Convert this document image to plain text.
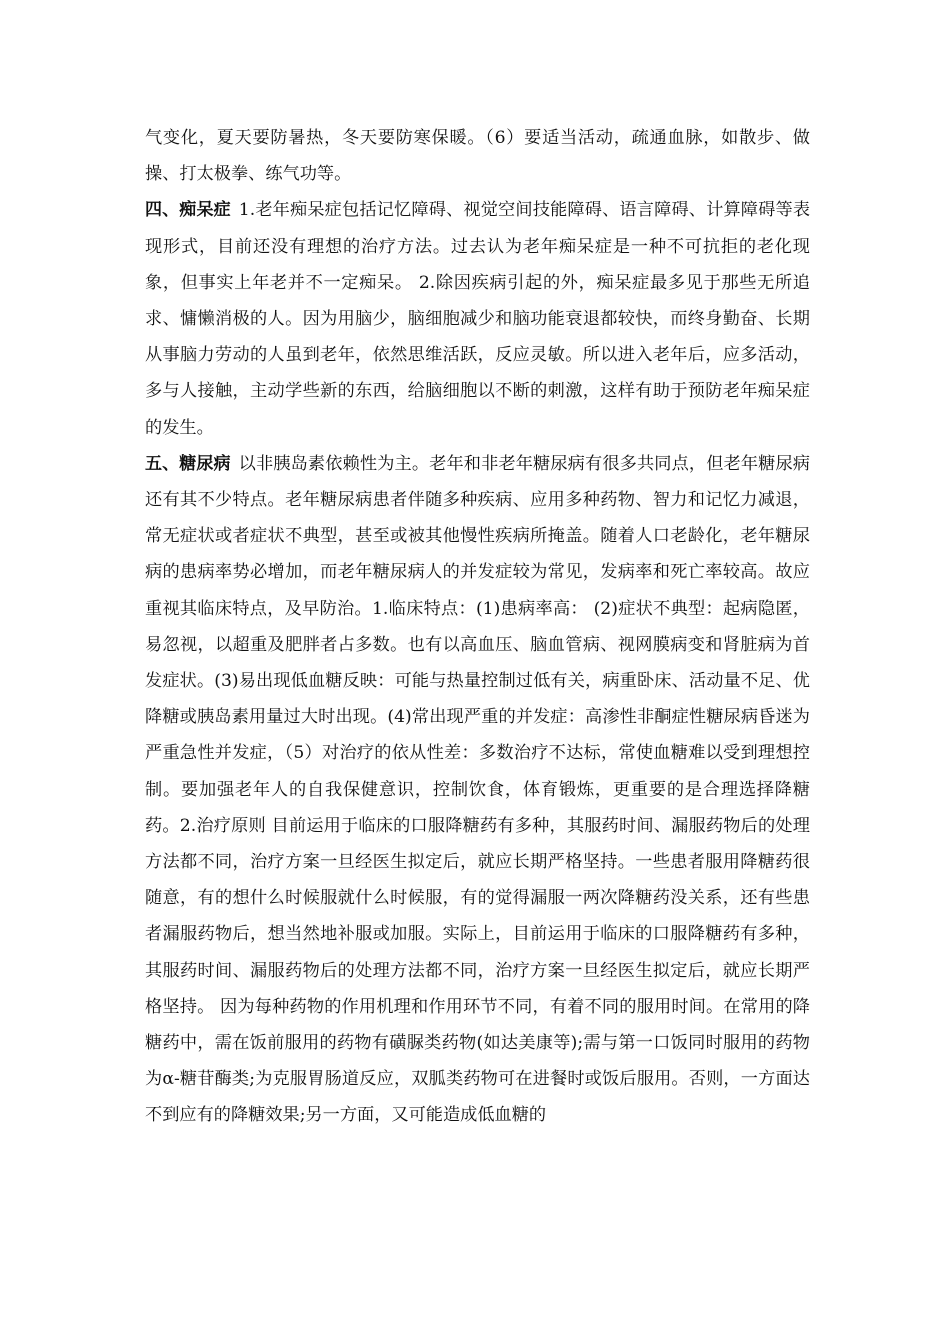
气变化，夏天要防暑热，冬天要防寒保暖。（6）要适当活动，疏通血脉，如散步、做操、打太极拳、练气功等。

四、痴呆症 1.老年痴呆症包括记忆障碍、视觉空间技能障碍、语言障碍、计算障碍等表现形式，目前还没有理想的治疗方法。过去认为老年痴呆症是一种不可抗拒的老化现象，但事实上年老并不一定痴呆。 2.除因疾病引起的外，痴呆症最多见于那些无所追求、慵懒消极的人。因为用脑少，脑细胞减少和脑功能衰退都较快，而终身勤奋、长期从事脑力劳动的人虽到老年，依然思维活跃，反应灵敏。所以进入老年后，应多活动，多与人接触，主动学些新的东西，给脑细胞以不断的刺激，这样有助于预防老年痴呆症的发生。

五、糖尿病 以非胰岛素依赖性为主。老年和非老年糖尿病有很多共同点，但老年糖尿病还有其不少特点。老年糖尿病患者伴随多种疾病、应用多种药物、智力和记忆力减退，常无症状或者症状不典型，甚至或被其他慢性疾病所掩盖。随着人口老龄化，老年糖尿病的患病率势必增加，而老年糖尿病人的并发症较为常见，发病率和死亡率较高。故应重视其临床特点，及早防治。1.临床特点：(1)患病率高： (2)症状不典型：起病隐匿，易忽视，以超重及肥胖者占多数。也有以高血压、脑血管病、视网膜病变和肾脏病为首发症状。(3)易出现低血糖反映：可能与热量控制过低有关，病重卧床、活动量不足、优降糖或胰岛素用量过大时出现。(4)常出现严重的并发症：高渗性非酮症性糖尿病昏迷为严重急性并发症，（5）对治疗的依从性差：多数治疗不达标，常使血糖难以受到理想控制。要加强老年人的自我保健意识，控制饮食，体育锻炼，更重要的是合理选择降糖药。2.治疗原则 目前运用于临床的口服降糖药有多种，其服药时间、漏服药物后的处理方法都不同，治疗方案一旦经医生拟定后，就应长期严格坚持。一些患者服用降糖药很随意，有的想什么时候服就什么时候服，有的觉得漏服一两次降糖药没关系，还有些患者漏服药物后，想当然地补服或加服。实际上，目前运用于临床的口服降糖药有多种，其服药时间、漏服药物后的处理方法都不同，治疗方案一旦经医生拟定后，就应长期严格坚持。 因为每种药物的作用机理和作用环节不同，有着不同的服用时间。在常用的降糖药中，需在饭前服用的药物有磺脲类药物(如达美康等);需与第一口饭同时服用的药物为α-糖苷酶类;为克服胃肠道反应，双胍类药物可在进餐时或饭后服用。否则，一方面达不到应有的降糖效果;另一方面，又可能造成低血糖的
